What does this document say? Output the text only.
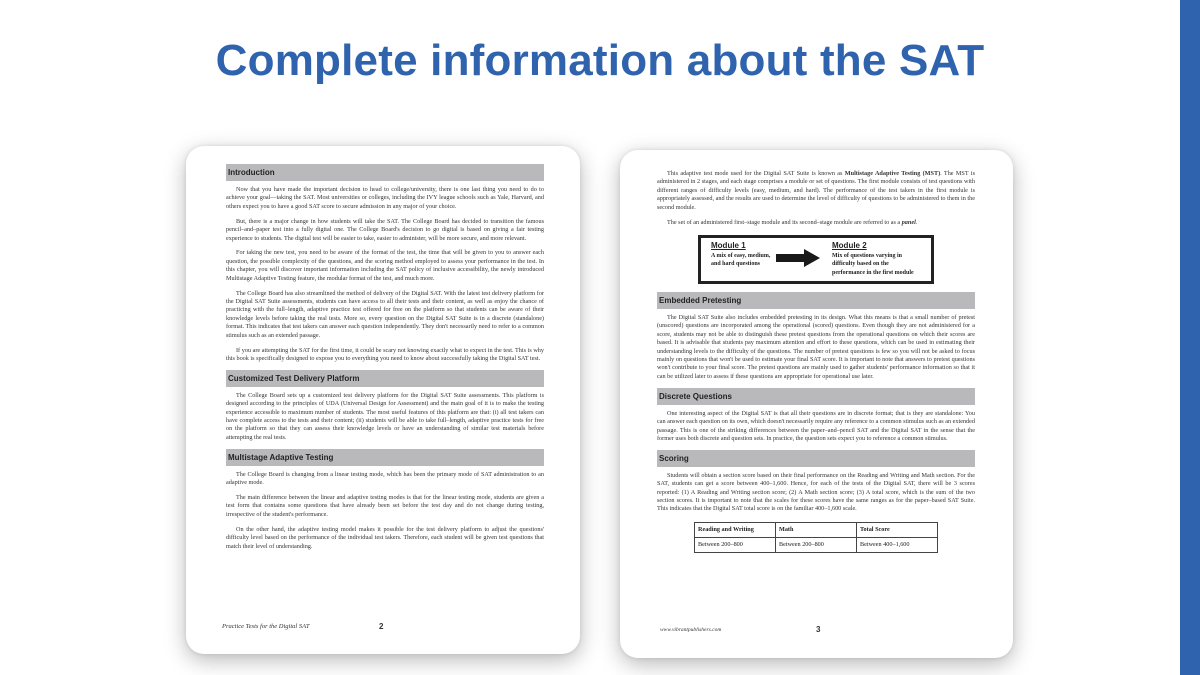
Complete information about the SAT
Introduction

Now that you have made the important decision to head to college/university, there is one last thing you need to do to achieve your goal—taking the SAT. Most universities or colleges, including the IVY league schools such as Yale, Harvard, and others expect you to have a good SAT score to secure admission in any major of your choice.

But, there is a major change in how students will take the SAT. The College Board has decided to transition the famous pencil–and–paper test into a fully digital one. The College Board's decision to go digital is based on giving a fair testing experience to students. The digital test will be easier to take, easier to administer, will be more secure, and more relevant.

For taking the new test, you need to be aware of the format of the test, the time that will be given to you to answer each question, the possible complexity of the questions, and the scoring method employed to assess your performance in the test. In this chapter, you will discover important information including the SAT policy of inclusive accessibility, the newly introduced Multistage Adaptive Testing feature, the modular format of the test, and much more.

The College Board has also streamlined the method of delivery of the Digital SAT. With the latest test delivery platform for the Digital SAT Suite assessments, students can have access to all their tests and their content, as well as enjoy the chance of practicing with the full–length, adaptive practice test offered for free on the platform so that students can be aware of their knowledge levels before taking the real tests. More so, every question on the Digital SAT Suite is in a discrete (standalone) format. This indicates that test takers can answer each question independently. They don't necessarily need to refer to a common stimulus such as an extended passage.

If you are attempting the SAT for the first time, it could be scary not knowing exactly what to expect in the test. This is why this book is specifically designed to expose you to everything you need to know about successfully taking the Digital SAT test.

Customized Test Delivery Platform

The College Board sets up a customized test delivery platform for the Digital SAT Suite assessments. This platform is designed according to the principles of UDA (Universal Design for Assessment) and the main goal of it is to make the testing experience accessible to maximum number of students. The most useful features of this platform are that: (i) all test takers can have complete access to the tests and their content; (ii) students will be able to take full–length, adaptive practice tests for free on the platform so that they can assess their knowledge levels or have an understanding of similar test materials before attempting the real tests.

Multistage Adaptive Testing

The College Board is changing from a linear testing mode, which has been the primary mode of SAT administration to an adaptive mode.

The main difference between the linear and adaptive testing modes is that for the linear testing mode, students are given a test form that contains some questions that have already been set before the test day and do not change during testing, irrespective of the student's performance.

On the other hand, the adaptive testing model makes it possible for the test delivery platform to adjust the questions' difficulty level based on the performance of the individual test takers. Therefore, each student will be given test questions that match their level of understanding.

Practice Tests for the Digital SAT	2

This adaptive test mode used for the Digital SAT Suite is known as Multistage Adaptive Testing (MST). The MST is administered in 2 stages, and each stage comprises a module or set of questions. The first module consists of test questions with different ranges of difficulty levels (easy, medium, and hard). The performance of the test takers in the first module is appropriately assessed, and the results are used to determine the level of difficulty of questions to be administered to them in the second module.

The set of an administered first–stage module and its second–stage module are referred to as a panel.

Module 1
A mix of easy, medium, and hard questions
Module 2
Mix of questions varying in difficulty based on the performance in the first module
Embedded Pretesting

The Digital SAT Suite also includes embedded pretesting in its design. What this means is that a small number of pretest (unscored) questions are incorporated among the operational (scored) questions. Even though they are not administered for a score, students may not be able to distinguish these pretest questions from the operational questions on which their scores are based. It is advisable that students pay maximum attention and effort to these questions, which can be used in estimating their understanding levels to the difficulty of the questions. The number of pretest questions is few so you will not be asked to focus mainly on questions that won't be used to estimate your final SAT score. It is important to note that answers to pretest questions won't contribute to your final score. The pretest questions are mainly used to gather students' performance information so that it can be utilized later to assess if these questions are appropriate for operational use later.

Discrete Questions

One interesting aspect of the Digital SAT is that all their questions are in discrete format; that is they are standalone: You can answer each question on its own, which doesn't necessarily require any reference to a common stimulus such as an extended passage. This is one of the striking differences between the paper–and–pencil SAT and the Digital SAT in the sense that the former uses both discrete and question sets. In practice, the question sets expect you to reference a common stimulus.

Scoring

Students will obtain a section score based on their final performance on the Reading and Writing and Math section. For the SAT, students can get a score between 400–1,600. Hence, for each of the tests of the Digital SAT, there will be 3 scores reported: (1) A Reading and Writing section score; (2) A Math section score; (3) A total score, which is the sum of the two section scores. It is important to note that the scales for these scores have the same ranges as for the paper–based SAT Suite. This indicates that the Digital SAT total score is on the familiar 400–1,600 scale.

Reading and Writing	Math	Total Score
Between 200–800	Between 200–800	Between 400–1,600
www.vibrantpublishers.com	3
